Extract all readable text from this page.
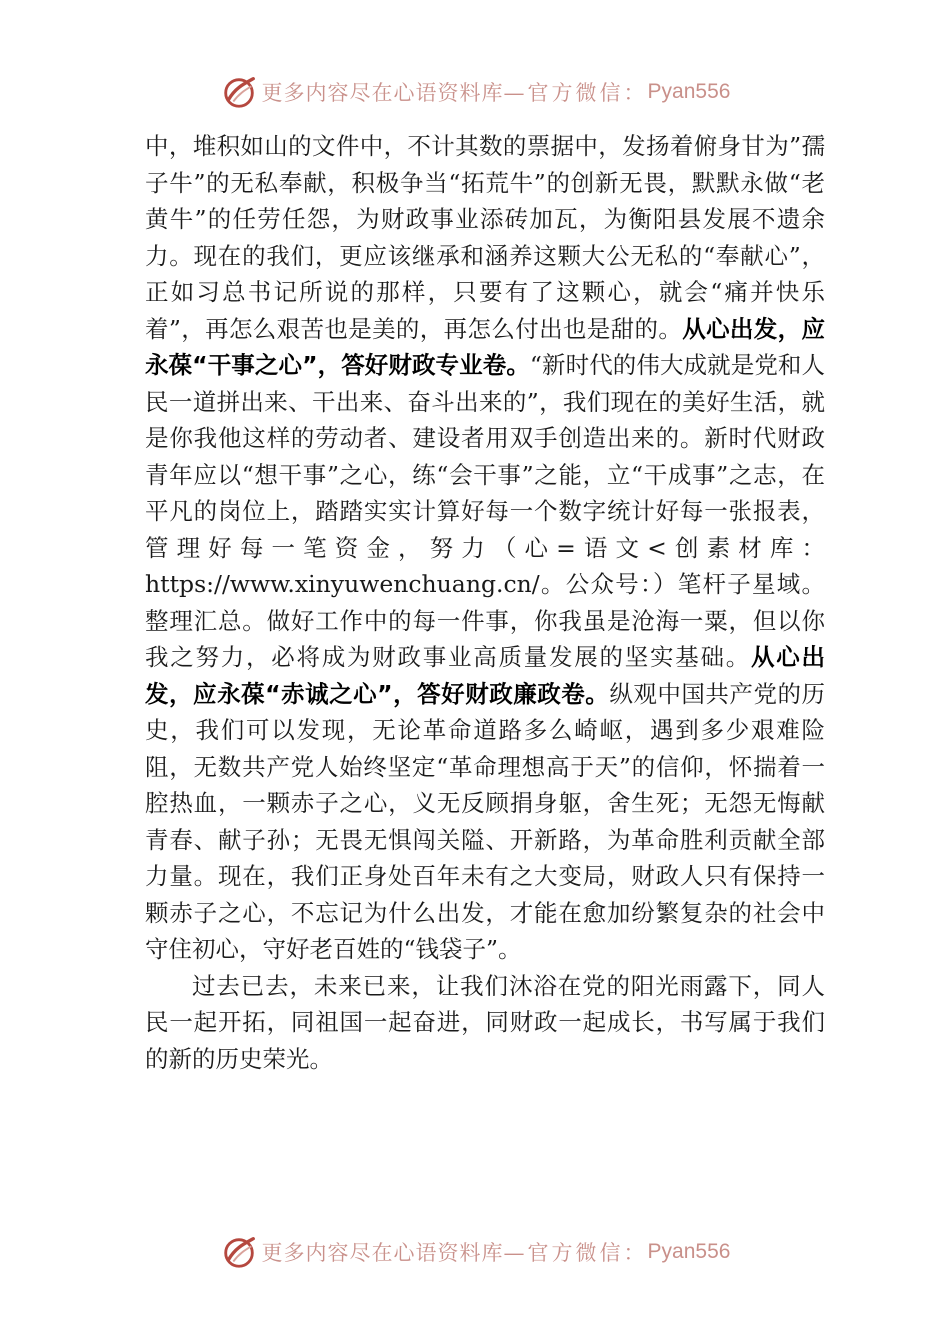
更多内容尽在心语资料库— 官方微信： Pyan556

中，堆积如山的文件中，不计其数的票据中，发扬着俯身甘为”孺子牛”的无私奉献，积极争当“拓荒牛”的创新无畏，默默永做“老黄牛”的任劳任怨，为财政事业添砖加瓦，为衡阳县发展不遗余力。现在的我们，更应该继承和涵养这颗大公无私的“奉献心”，正如习总书记所说的那样，只要有了这颗心，就会“痛并快乐着”，再怎么艰苦也是美的，再怎么付出也是甜的。从心出发，应永葆“干事之心”，答好财政专业卷。“新时代的伟大成就是党和人民一道拼出来、干出来、奋斗出来的”，我们现在的美好生活，就是你我他这样的劳动者、建设者用双手创造出来的。新时代财政青年应以“想干事”之心，练“会干事”之能，立“干成事”之志，在平凡的岗位上，踏踏实实计算好每一个数字统计好每一张报表，管理好每一笔资金，努力（心=语文<创素材库：https://www.xinyuwenchuang.cn/。公众号：）笔杆子星域。整理汇总。做好工作中的每一件事，你我虽是沧海一粟，但以你我之努力，必将成为财政事业高质量发展的坚实基础。从心出发，应永葆“赤诚之心”，答好财政廉政卷。纵观中国共产党的历史，我们可以发现，无论革命道路多么崎岖，遇到多少艰难险阻，无数共产党人始终坚定“革命理想高于天”的信仰，怀揣着一腔热血，一颗赤子之心，义无反顾捐身躯，舍生死；无怨无悔献青春、献子孙；无畏无惧闯关隘、开新路，为革命胜利贡献全部力量。现在，我们正身处百年未有之大变局，财政人只有保持一颗赤子之心，不忘记为什么出发，才能在愈加纷繁复杂的社会中守住初心，守好老百姓的“钱袋子”。

过去已去，未来已来，让我们沐浴在党的阳光雨露下，同人民一起开拓，同祖国一起奋进，同财政一起成长，书写属于我们的新的历史荣光。

更多内容尽在心语资料库— 官方微信： Pyan556
